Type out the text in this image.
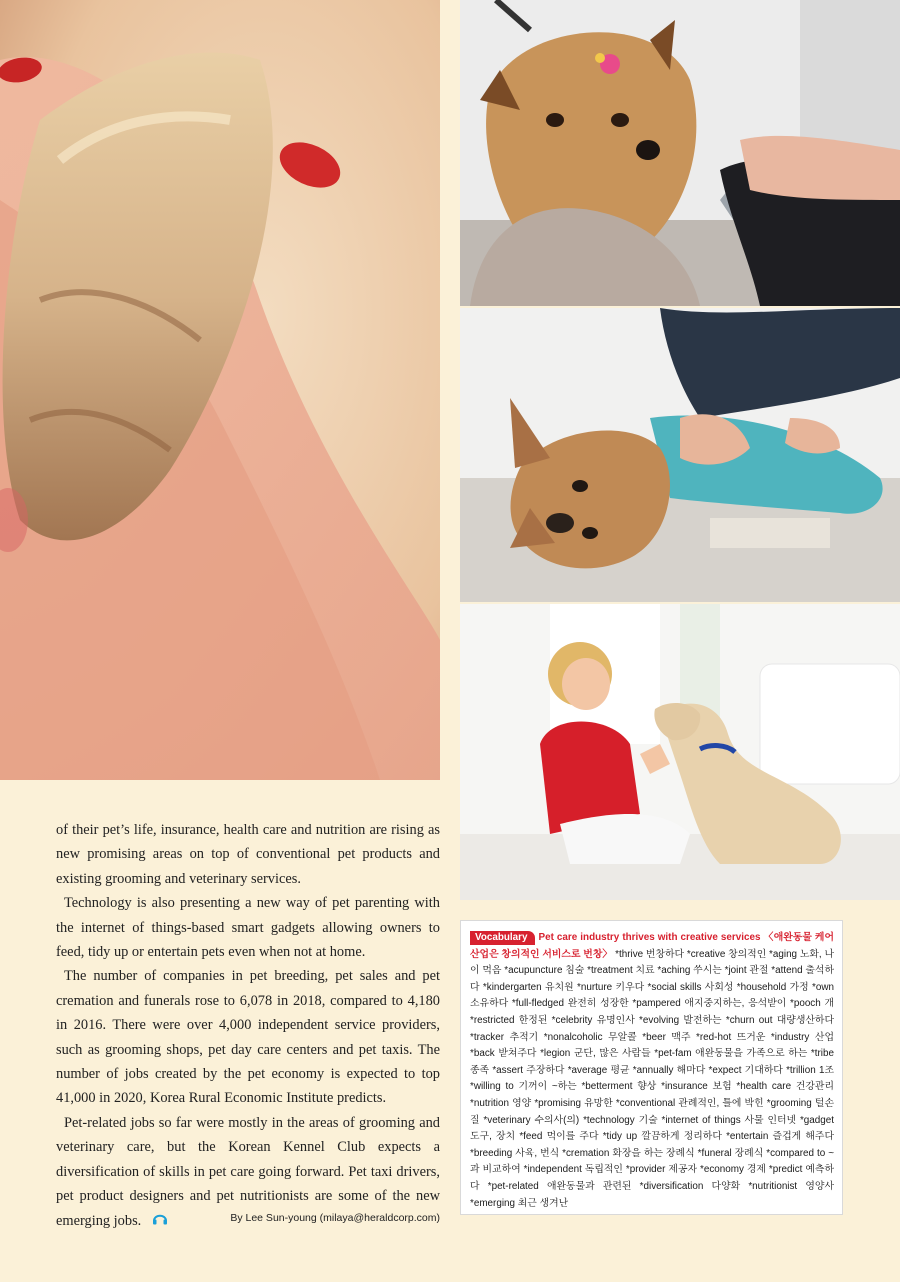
of their pet’s life, insurance, health care and nutrition are rising as new promising areas on top of conventional pet products and existing grooming and veterinary services.

Technology is also presenting a new way of pet parenting with the internet of things-based smart gadgets allowing owners to feed, tidy up or entertain pets even when not at home.

The number of companies in pet breeding, pet sales and pet cremation and funerals rose to 6,078 in 2018, compared to 4,180 in 2016. There were over 4,000 independent service providers, such as grooming shops, pet day care centers and pet taxis. The number of jobs created by the pet economy is expected to top 41,000 in 2020, Korea Rural Economic Institute predicts.

Pet-related jobs so far were mostly in the areas of grooming and veterinary care, but the Korean Kennel Club expects a diversification of skills in pet care going forward. Pet taxi drivers, pet product designers and pet nutritionists are some of the new emerging jobs.	By Lee Sun-young (milaya@heraldcorp.com)
Vocabulary Pet care industry thrives with creative services 〈애완동물 케어 산업은 창의적인 서비스로 번창〉 *thrive 번창하다 *creative 창의적인 *aging 노화, 나이 먹음 *acupuncture 침술 *treatment 치료 *aching 쑤시는 *joint 관절 *attend 출석하다 *kindergarten 유치원 *nurture 키우다 *social skills 사회성 *household 가정 *own 소유하다 *full-fledged 완전히 성장한 *pampered 애지중지하는, 응석받이 *pooch 개 *restricted 한정된 *celebrity 유명인사 *evolving 발전하는 *churn out 대량생산하다 *tracker 추적기 *nonalcoholic 무알콜 *beer 맥주 *red-hot 뜨거운 *industry 산업 *back 받쳐주다 *legion 군단, 많은 사람들 *pet-fam 애완동물을 가족으로 하는 *tribe 종족 *assert 주장하다 *average 평균 *annually 해마다 *expect 기대하다 *trillion 1조 *willing to 기꺼이 ~하는 *betterment 향상 *insurance 보험 *health care 건강관리 *nutrition 영양 *promising 유망한 *conventional 관례적인, 틀에 박힌 *grooming 털손질 *veterinary 수의사(의) *technology 기술 *internet of things 사물 인터넷 *gadget 도구, 장치 *feed 먹이를 주다 *tidy up 깔끔하게 정리하다 *entertain 즐겁게 해주다 *breeding 사육, 번식 *cremation 화장을 하는 장례식 *funeral 장례식 *compared to ~과 비교하여 *independent 독립적인 *provider 제공자 *economy 경제 *predict 예측하다 *pet-related 애완동물과 관련된 *diversification 다양화 *nutritionist 영양사 *emerging 최근 생겨난
